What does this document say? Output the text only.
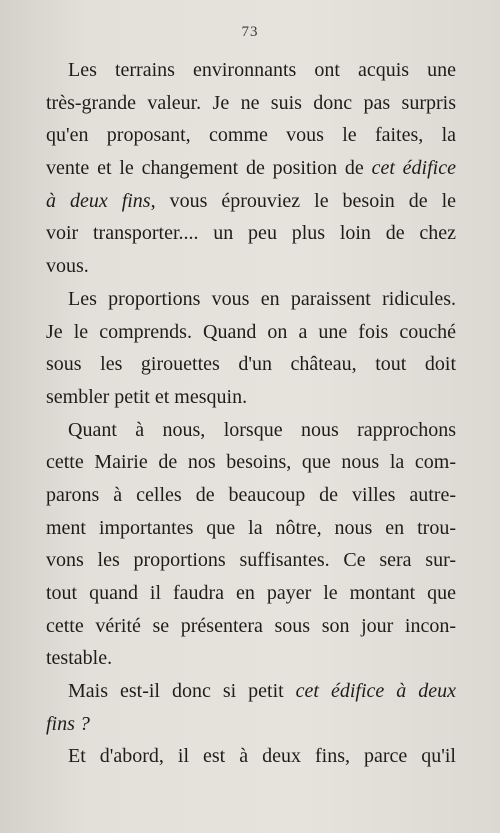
73
Les terrains environnants ont acquis une
très-grande valeur. Je ne suis donc pas surpris
qu'en proposant, comme vous le faites, la
vente et le changement de position de cet édifice
à deux fins, vous éprouviez le besoin de le
voir transporter.... un peu plus loin de chez
vous.
Les proportions vous en paraissent ridicules.
Je le comprends. Quand on a une fois couché
sous les girouettes d'un château, tout doit
sembler petit et mesquin.
Quant à nous, lorsque nous rapprochons
cette Mairie de nos besoins, que nous la com-
parons à celles de beaucoup de villes autre-
ment importantes que la nôtre, nous en trou-
vons les proportions suffisantes. Ce sera sur-
tout quand il faudra en payer le montant que
cette vérité se présentera sous son jour incon-
testable.
Mais est-il donc si petit cet édifice à deux
fins ?
Et d'abord, il est à deux fins, parce qu'il
